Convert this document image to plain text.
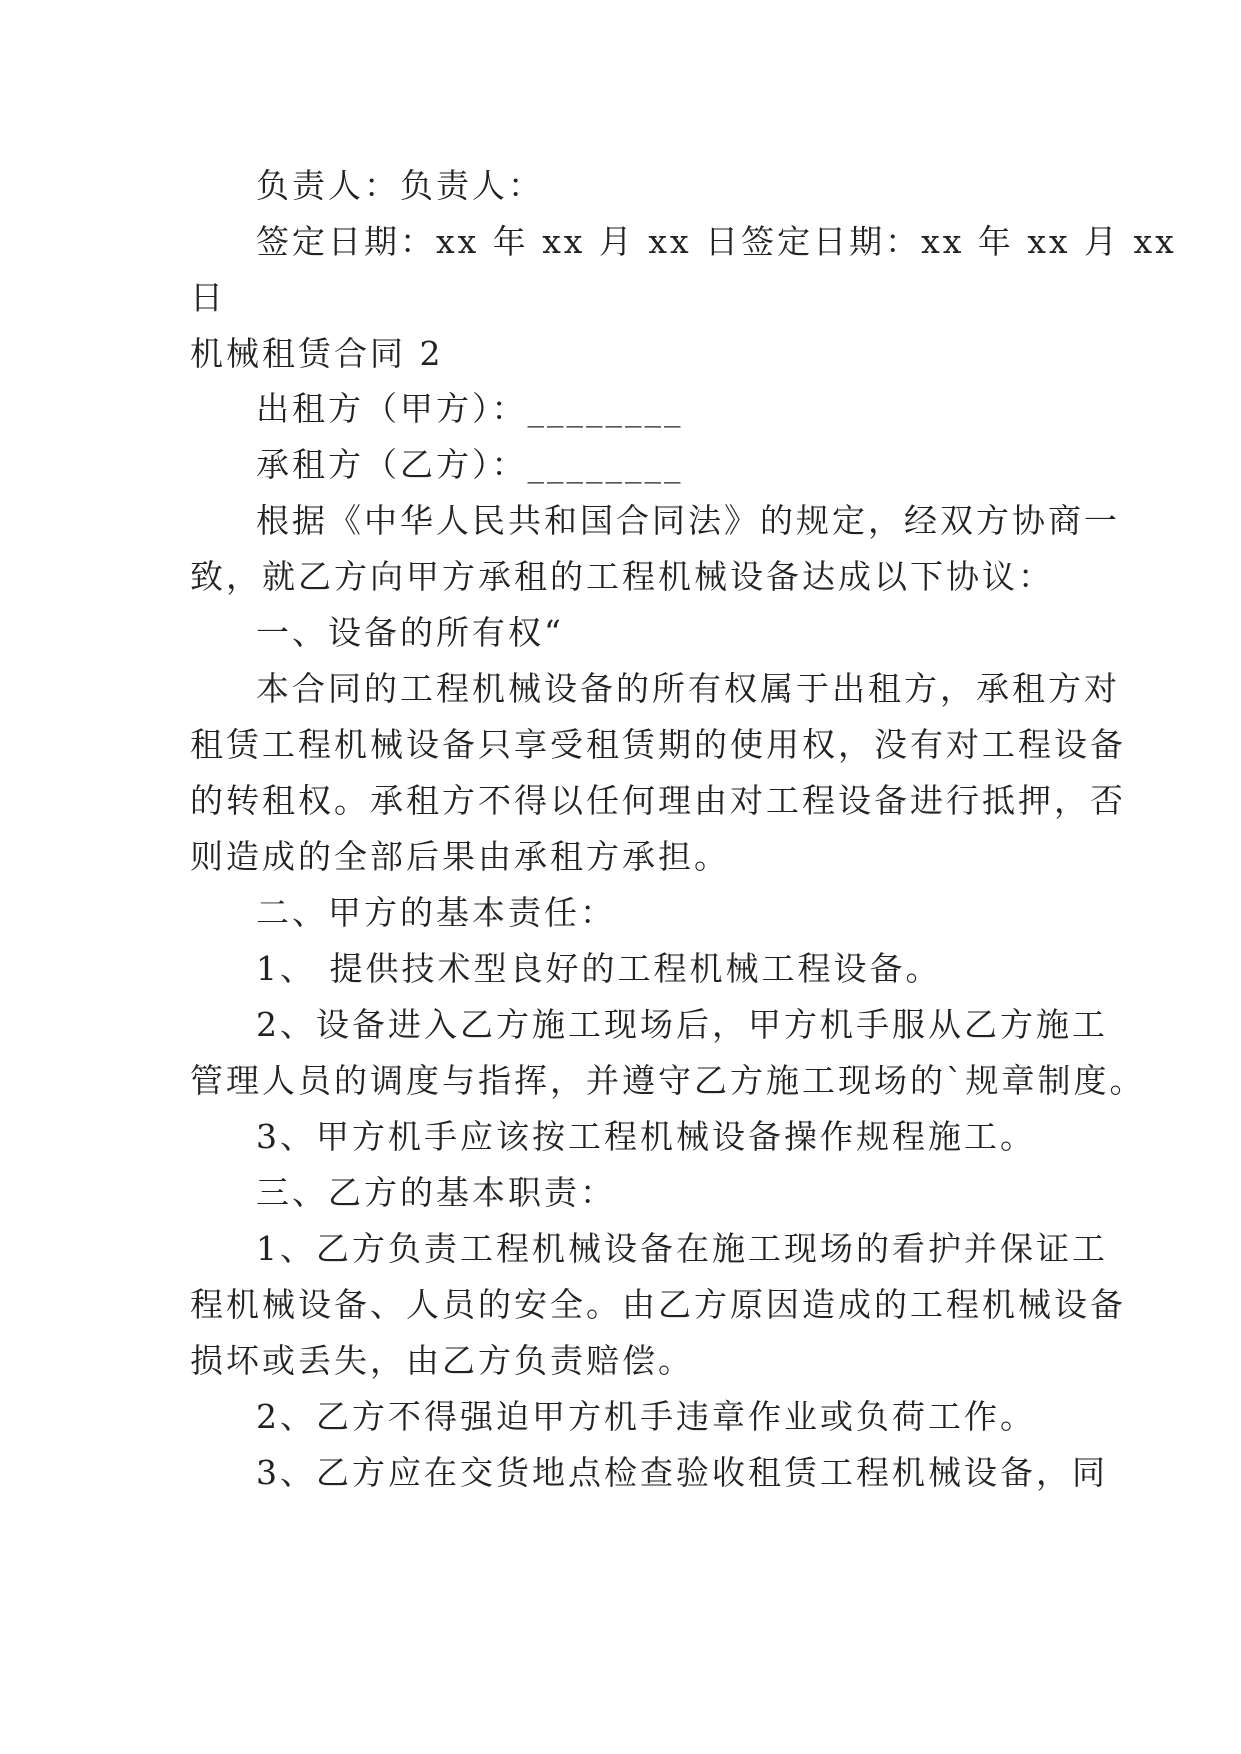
负责人：负责人：
签定日期：xx 年 xx 月 xx 日签定日期：xx 年 xx 月 xx
日
机械租赁合同 2
出租方（甲方）：________
承租方（乙方）：________
根据《中华人民共和国合同法》的规定，经双方协商一
致，就乙方向甲方承租的工程机械设备达成以下协议：
一、设备的所有权“
本合同的工程机械设备的所有权属于出租方，承租方对
租赁工程机械设备只享受租赁期的使用权，没有对工程设备
的转租权。承租方不得以任何理由对工程设备进行抵押，否
则造成的全部后果由承租方承担。
二、甲方的基本责任：
1、 提供技术型良好的工程机械工程设备。
2、设备进入乙方施工现场后，甲方机手服从乙方施工
管理人员的调度与指挥，并遵守乙方施工现场的`规章制度。
3、甲方机手应该按工程机械设备操作规程施工。
三、乙方的基本职责：
1、乙方负责工程机械设备在施工现场的看护并保证工
程机械设备、人员的安全。由乙方原因造成的工程机械设备
损坏或丢失，由乙方负责赔偿。
2、乙方不得强迫甲方机手违章作业或负荷工作。
3、乙方应在交货地点检查验收租赁工程机械设备，同
